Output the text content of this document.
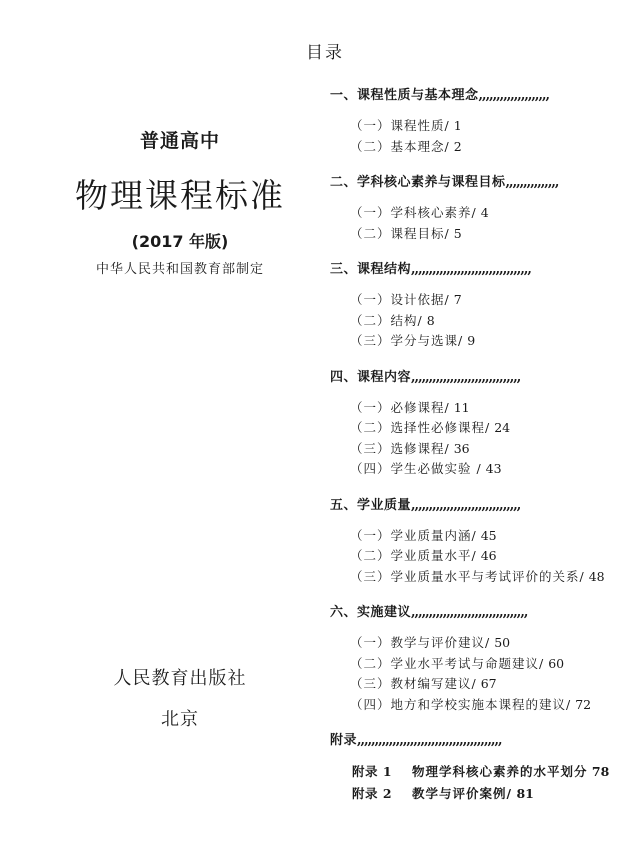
普通高中
物理课程标准
(2017 年版)
中华人民共和国教育部制定
人民教育出版社
北京
目录
一、课程性质与基本理念,,,,,,,,,,,,,,,,,,,,
（一）课程性质/ 1
（二）基本理念/ 2
二、学科核心素养与课程目标,,,,,,,,,,,,,,,
（一）学科核心素养/ 4
（二）课程目标/ 5
三、课程结构,,,,,,,,,,,,,,,,,,,,,,,,,,,,,,,,,,
（一）设计依据/ 7
（二）结构/ 8
（三）学分与选课/ 9
四、课程内容,,,,,,,,,,,,,,,,,,,,,,,,,,,,,,,
（一）必修课程/ 11
（二）选择性必修课程/ 24
（三）选修课程/ 36
（四）学生必做实验 / 43
五、学业质量,,,,,,,,,,,,,,,,,,,,,,,,,,,,,,,
（一）学业质量内涵/ 45
（二）学业质量水平/ 46
（三）学业质量水平与考试评价的关系/ 48
六、实施建议,,,,,,,,,,,,,,,,,,,,,,,,,,,,,,,,,
（一）教学与评价建议/ 50
（二）学业水平考试与命题建议/ 60
（三）教材编写建议/ 67
（四）地方和学校实施本课程的建议/ 72
附录,,,,,,,,,,,,,,,,,,,,,,,,,,,,,,,,,,,,,,,,,
附录 1 物理学科核心素养的水平划分 78
附录 2 教学与评价案例/ 81
